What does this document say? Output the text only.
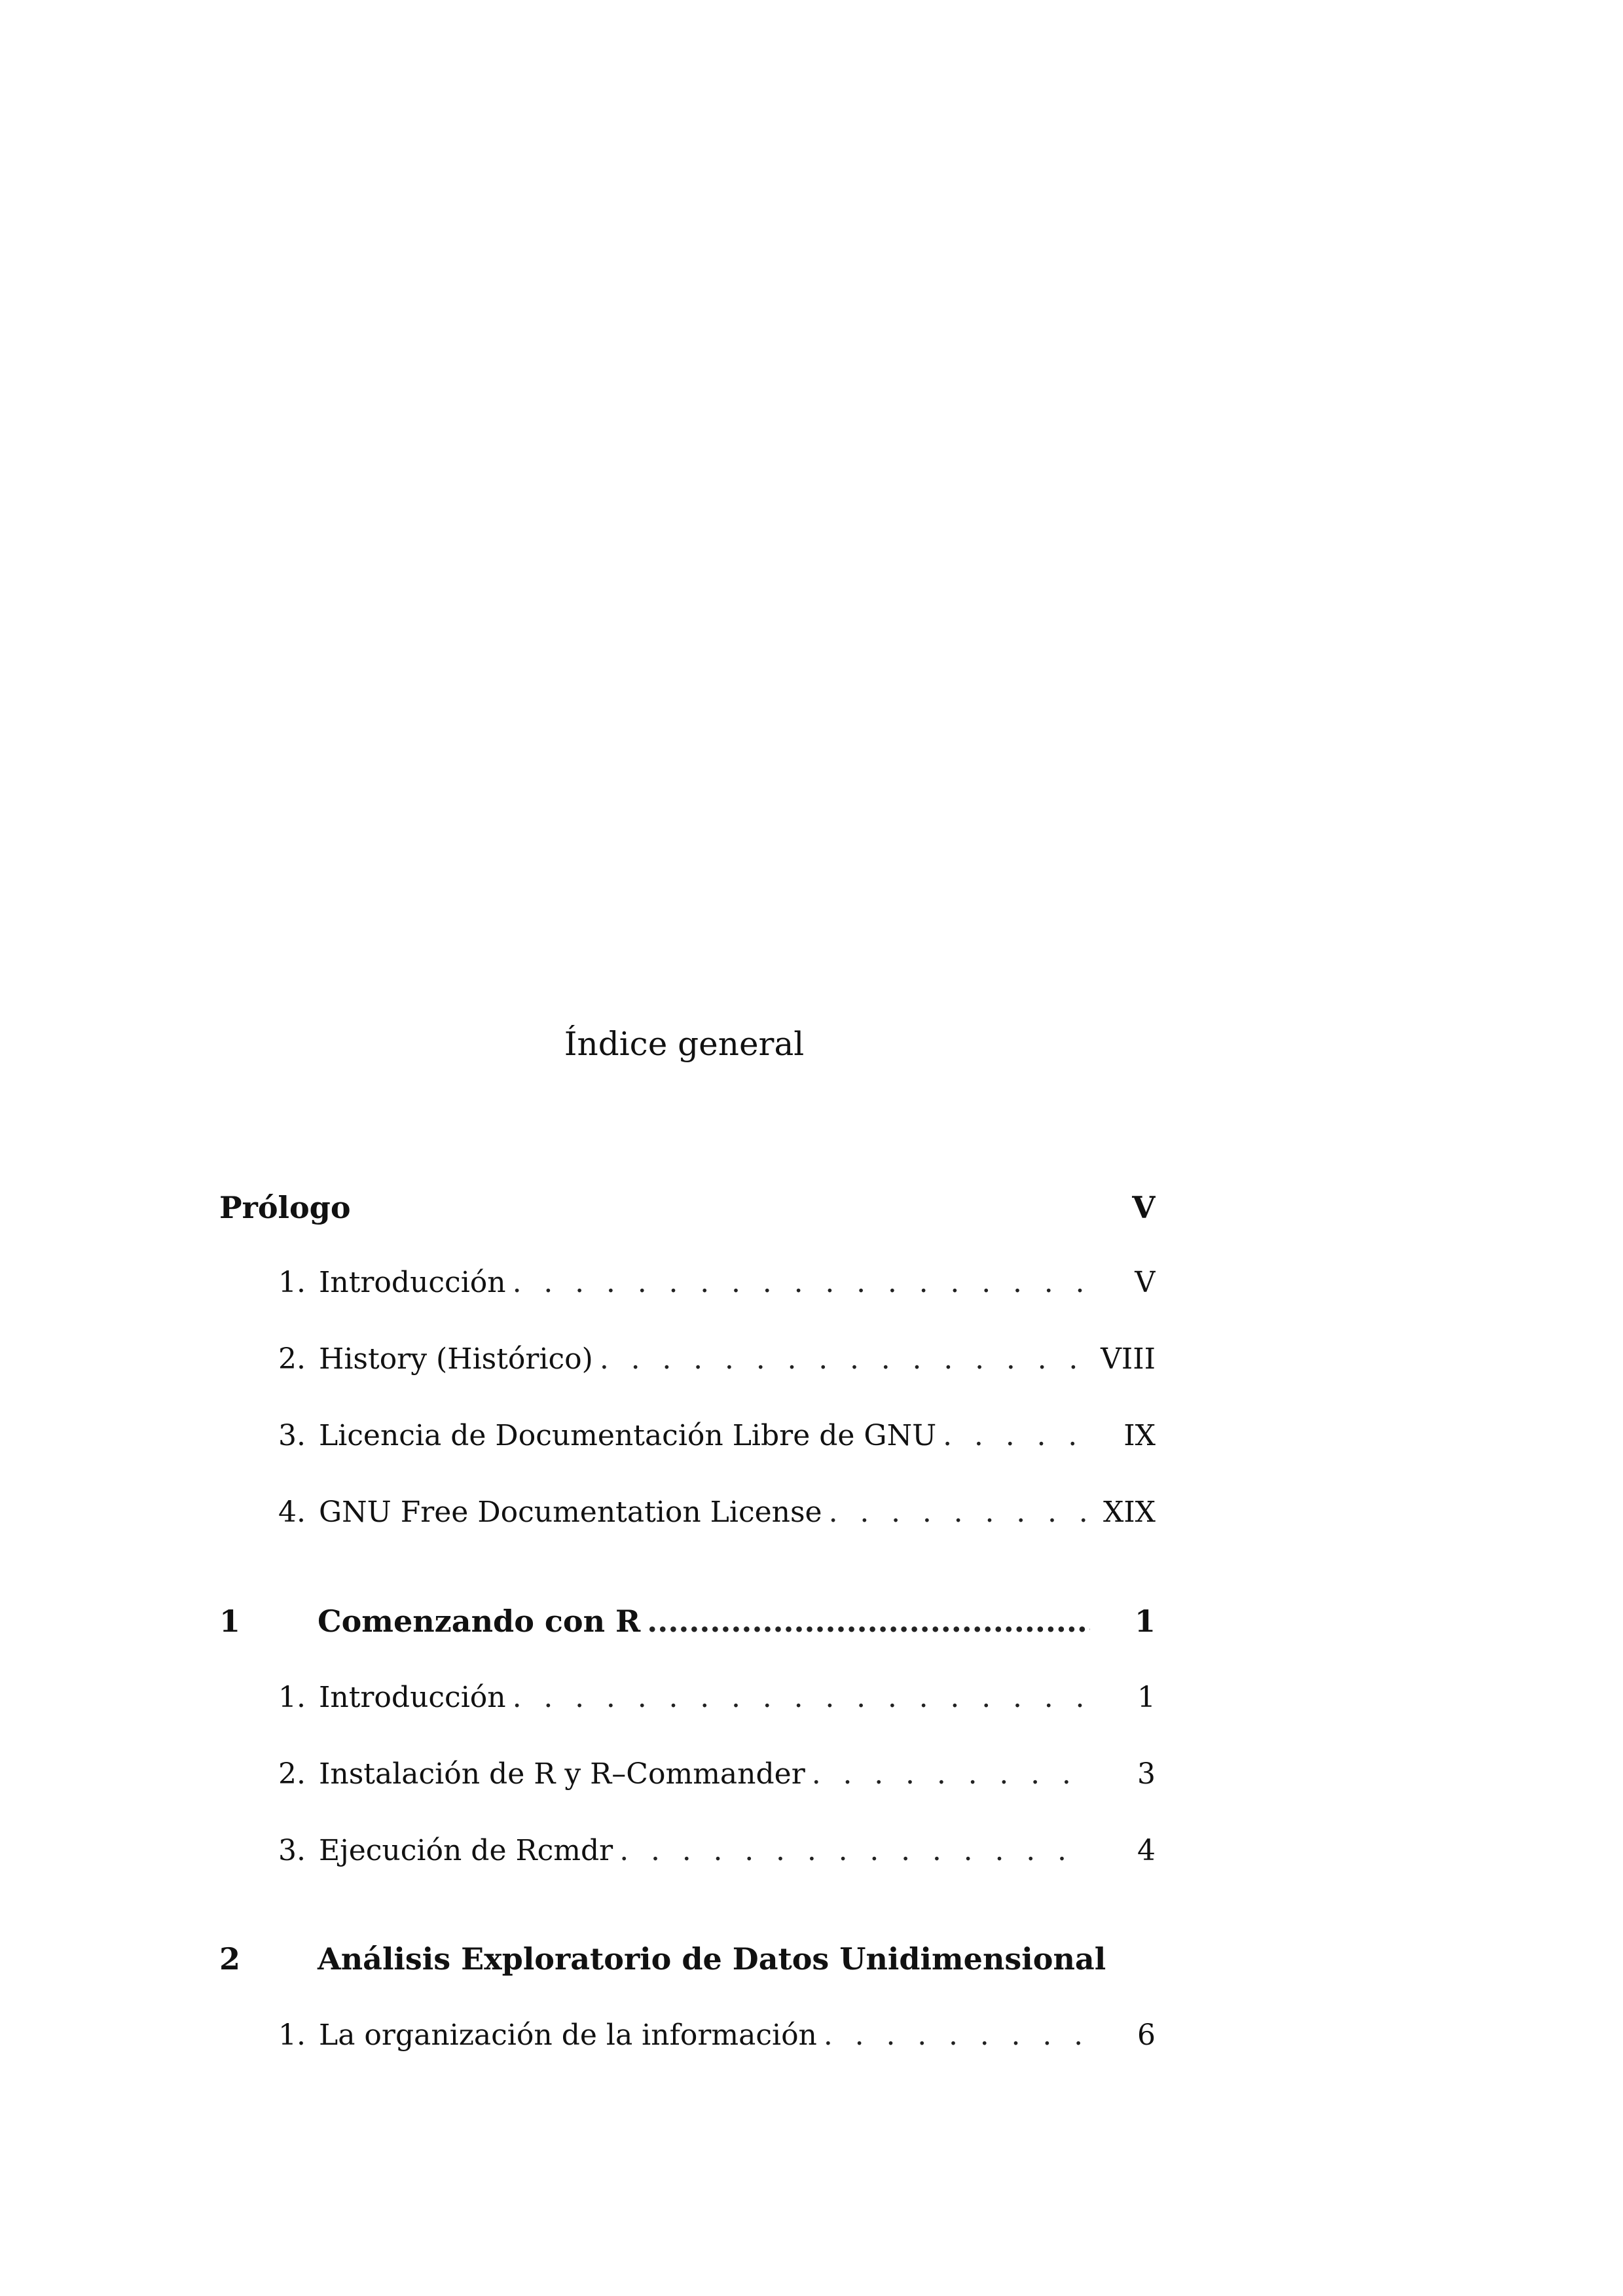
Índice general
Prólogo	V
1. Introducción . . .	V
2. History (Histórico) . . .	VIII
3. Licencia de Documentación Libre de GNU . . .	IX
4. GNU Free Documentation License . . .	XIX
1	Comenzando con R .....	1
1. Introducción . . .	1
2. Instalación de R y R–Commander . . .	3
3. Ejecución de Rcmdr . . .	4
2	Análisis Exploratorio de Datos Unidimensional
1. La organización de la información . . .	6
